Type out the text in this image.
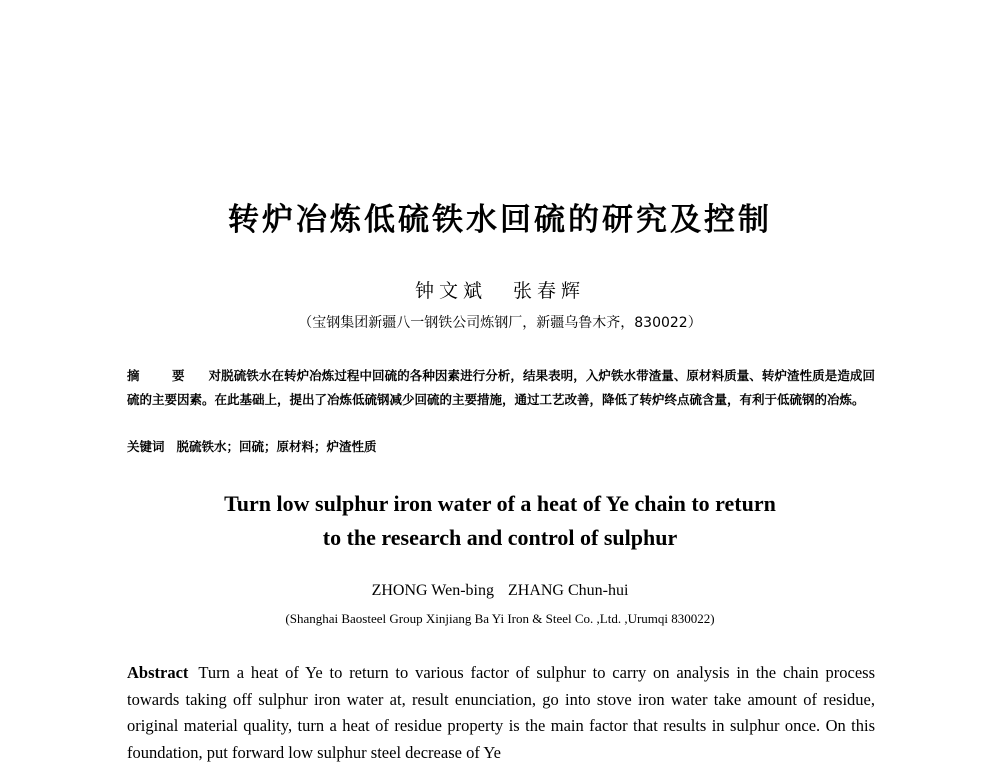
转炉冶炼低硫铁水回硫的研究及控制
钟文斌 张春辉
（宝钢集团新疆八一钢铁公司炼钢厂，新疆乌鲁木齐，830022）
摘 要 对脱硫铁水在转炉冶炼过程中回硫的各种因素进行分析，结果表明，入炉铁水带渣量、原材料质量、转炉渣性质是造成回硫的主要因素。在此基础上，提出了冶炼低硫钢减少回硫的主要措施，通过工艺改善，降低了转炉终点硫含量，有利于低硫钢的冶炼。
关键词 脱硫铁水；回硫；原材料；炉渣性质
Turn low sulphur iron water of a heat of Ye chain to return
to the research and control of sulphur
ZHONG Wen-bing ZHANG Chun-hui
(Shanghai Baosteel Group Xinjiang Ba Yi Iron & Steel Co. ,Ltd. ,Urumqi 830022)
Abstract Turn a heat of Ye to return to various factor of sulphur to carry on analysis in the chain process towards taking off sulphur iron water at, result enunciation, go into stove iron water take amount of residue, original material quality, turn a heat of residue property is the main factor that results in sulphur once. On this foundation, put forward low sulphur steel decrease of Ye
